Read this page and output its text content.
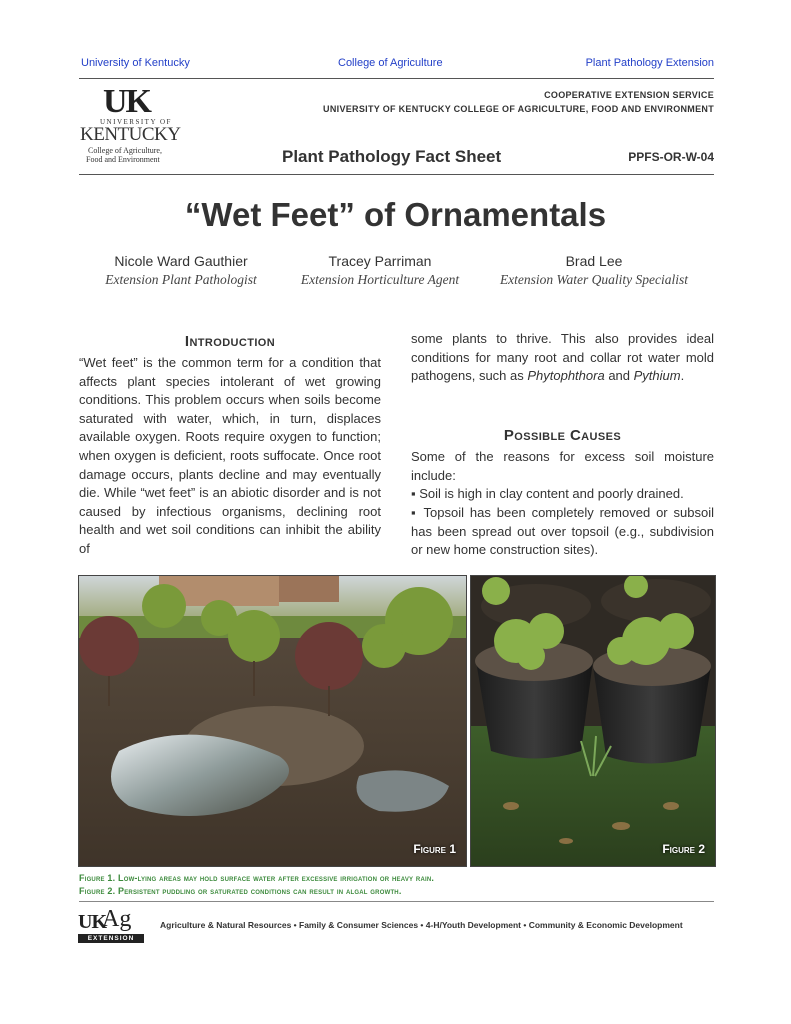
University of Kentucky	College of Agriculture	Plant Pathology Extension
UK
UNIVERSITY OF
KENTUCKY
College of Agriculture,
Food and Environment
COOPERATIVE EXTENSION SERVICE
UNIVERSITY OF KENTUCKY COLLEGE OF AGRICULTURE, FOOD AND ENVIRONMENT
Plant Pathology Fact Sheet	PPFS-OR-W-04
“Wet Feet” of Ornamentals
Nicole Ward Gauthier
Extension Plant Pathologist
Tracey Parriman
Extension Horticulture Agent
Brad Lee
Extension Water Quality Specialist
Introduction
“Wet feet” is the common term for a condition that affects plant species intolerant of wet growing conditions. This problem occurs when soils become saturated with water, which, in turn, displaces available oxygen. Roots require oxygen to function; when oxygen is deficient, roots suffocate. Once root damage occurs, plants decline and may eventually die. While “wet feet” is an abiotic disorder and is not caused by infectious organisms, declining root health and wet soil conditions can inhibit the ability of
some plants to thrive. This also provides ideal conditions for many root and collar rot water mold pathogens, such as Phytophthora and Pythium.
Possible Causes
Some of the reasons for excess soil moisture include:
▪ Soil is high in clay content and poorly drained.
▪ Topsoil has been completely removed or subsoil has been spread out over topsoil (e.g., subdivision or new home construction sites).
Figure 1	Figure 2
Figure 1. Low-lying areas may hold surface water after excessive irrigation or heavy rain.
Figure 2. Persistent puddling or saturated conditions can result in algal growth.
UK
Ag
EXTENSION
Agriculture & Natural Resources • Family & Consumer Sciences • 4-H/Youth Development • Community & Economic Development
